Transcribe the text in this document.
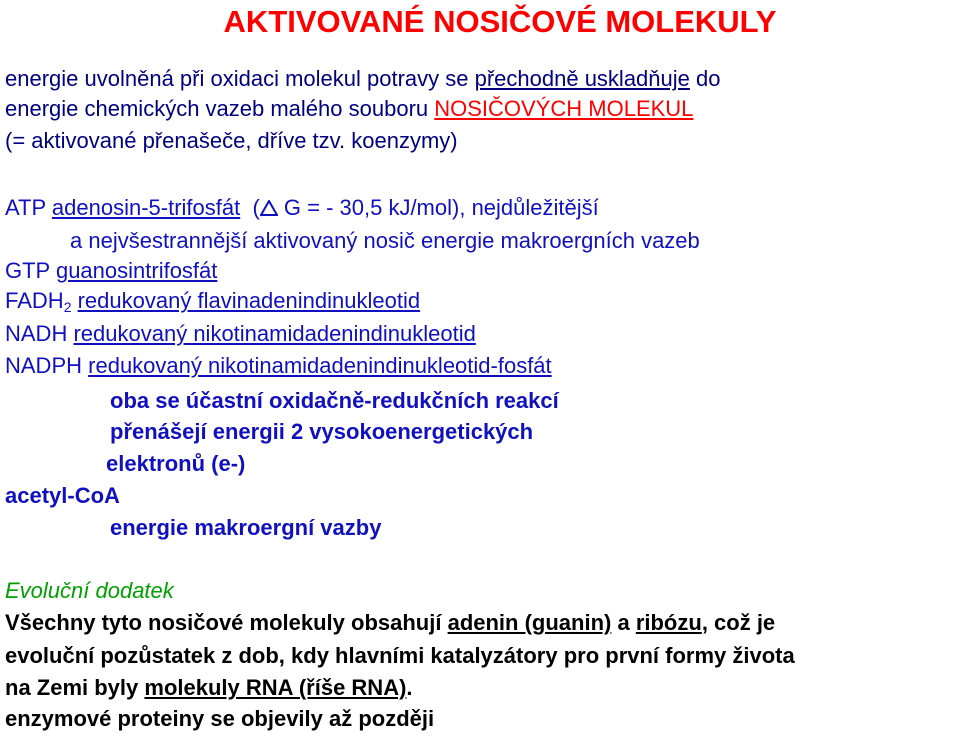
AKTIVOVANÉ NOSIČOVÉ MOLEKULY
energie uvolněná při oxidaci molekul potravy se přechodně uskladňuje do
energie chemických vazeb malého souboru NOSIČOVÝCH MOLEKUL
(= aktivované přenašeče, dříve tzv. koenzymy)
ATP adenosin-5-trifosfát ( G = - 30,5 kJ/mol), nejdůležitější
a nejvšestrannější aktivovaný nosič energie makroergních vazeb
GTP guanosintrifosfát
$FADH_2$ redukovaný flavinadenindinukleotid
NADH redukovaný nikotinamidadenindinukleotid
NADPH redukovaný nikotinamidadenindinukleotid-fosfát
oba se účastní oxidačně-redukčních reakcí
přenášejí energii 2 vysokoenergetických
elektronů (e-)
acetyl-CoA
energie makroergní vazby
Evoluční dodatek
Všechny tyto nosičové molekuly obsahují adenin (guanin) a ribózu, což je
evoluční pozůstatek z dob, kdy hlavními katalyzátory pro první formy života
na Zemi byly molekuly RNA (říše RNA).
enzymové proteiny se objevily až později
